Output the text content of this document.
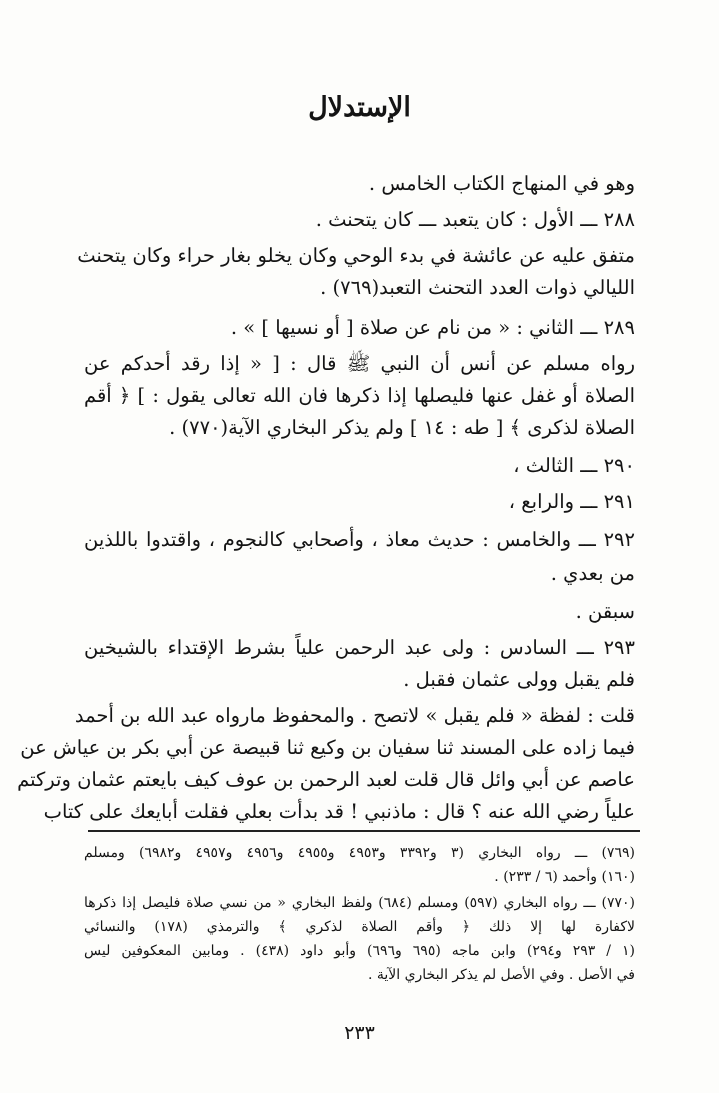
الإستدلال
وهو في المنهاج الكتاب الخامس .
٢٨٨ ـــ الأول : كان يتعبد ـــ كان يتحنث .
متفق عليه عن عائشة في بدء الوحي وكان يخلو بغار حراء وكان يتحنث
الليالي ذوات العدد التحنث التعبد(٧٦٩) .
٢٨٩ ـــ الثاني : « من نام عن صلاة [ أو نسيها ] » .
رواه مسلم عن أنس أن النبي ﷺ قال : [ « إذا رقد أحدكم عن
الصلاة أو غفل عنها فليصلها إذا ذكرها فان الله تعالى يقول : ] ﴿ أقم
الصلاة لذكرى ﴾ [ طه : ١٤ ] ولم يذكر البخاري الآية(٧٧٠) .
٢٩٠ ـــ الثالث ،
٢٩١ ـــ والرابع ،
٢٩٢ ـــ والخامس : حديث معاذ ، وأصحابي كالنجوم ، واقتدوا باللذين
من بعدي .
سبقن .
٢٩٣ ـــ السادس : ولى عبد الرحمن علياً بشرط الإقتداء بالشيخين
فلم يقبل وولى عثمان فقبل .
قلت : لفظة « فلم يقبل » لاتصح . والمحفوظ مارواه عبد الله بن أحمد
فيما زاده على المسند ثنا سفيان بن وكيع ثنا قبيصة عن أبي بكر بن عياش عن
عاصم عن أبي وائل قال قلت لعبد الرحمن بن عوف كيف بايعتم عثمان وتركتم
علياً رضي الله عنه ؟ قال : ماذنبي ! قد بدأت بعلي فقلت أبايعك على كتاب
(٧٦٩) ـــ رواه البخاري (٣ و٣٣٩٢ و٤٩٥٣ و٤٩٥٥ و٤٩٥٦ و٤٩٥٧ و٦٩٨٢) ومسلم
(١٦٠) وأحمد (٦ / ٢٣٣) .
(٧٧٠) ـــ رواه البخاري (٥٩٧) ومسلم (٦٨٤) ولفظ البخاري « من نسي صلاة فليصل إذا ذكرها
لاكفارة لها إلا ذلك ﴿ وأقم الصلاة لذكري ﴾ والترمذي (١٧٨) والنسائي
(١ / ٢٩٣ و٢٩٤) وابن ماجه (٦٩٥ و٦٩٦) وأبو داود (٤٣٨) . ومابين المعكوفين ليس
في الأصل . وفي الأصل لم يذكر البخاري الآية .
٢٣٣
